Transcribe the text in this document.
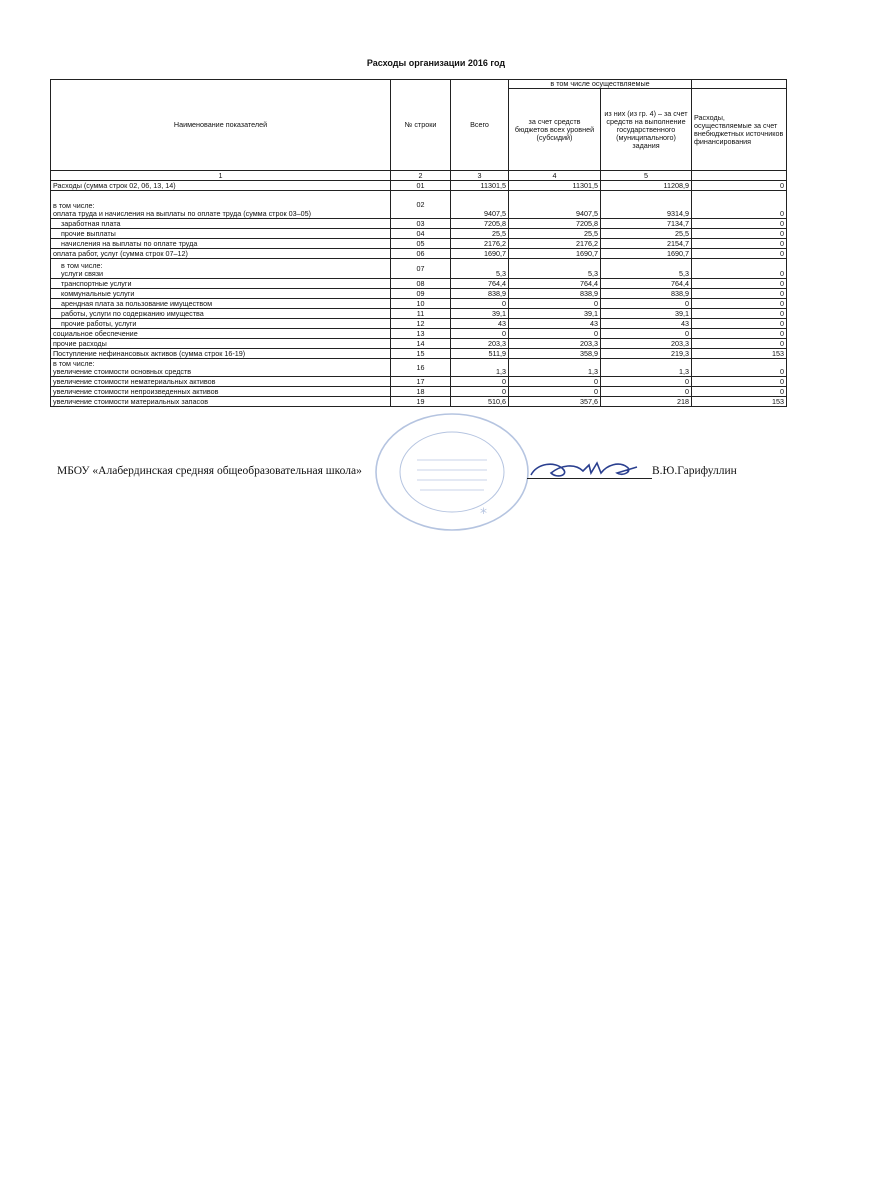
Расходы организации 2016 год
Наименование показателей	№ строки	Всего	в том числе осуществляемые		
			за счет средств бюджетов всех уровней (субсидий)	из них (из гр. 4) – за счет средств на выполнение государственного (муниципального) задания	Расходы, осуществляемые за счет внебюджетных источников финансирования
1	2	3	4	5	
Расходы (сумма строк 02, 06, 13, 14)	01	11301,5	11301,5	11208,9	0

в том числе:
оплата труда и начисления на выплаты по оплате труда (сумма строк 03–05)	02	9407,5	9407,5	9314,9	0
заработная плата	03	7205,8	7205,8	7134,7	0
прочие выплаты	04	25,5	25,5	25,5	0
начисления на выплаты по оплате труда	05	2176,2	2176,2	2154,7	0
оплата работ, услуг (сумма строк 07–12)	06	1690,7	1690,7	1690,7	0

в том числе:
услуги связи	07	5,3	5,3	5,3	0
транспортные услуги	08	764,4	764,4	764,4	0
коммунальные услуги	09	838,9	838,9	838,9	0
арендная плата за пользование имуществом	10	0	0	0	0
работы, услуги по содержанию имущества	11	39,1	39,1	39,1	0
прочие работы, услуги	12	43	43	43	0
социальное обеспечение	13	0	0	0	0
прочие расходы	14	203,3	203,3	203,3	0
Поступление нефинансовых активов (сумма строк 16-19)	15	511,9	358,9	219,3	153

в том числе:
увеличение стоимости основных средств	16	1,3	1,3	1,3	0
увеличение стоимости нематериальных активов	17	0	0	0	0
увеличение стоимости непроизведенных активов	18	0	0	0	0
увеличение стоимости материальных запасов	19	510,6	357,6	218	153
*
МБОУ «Алабердинская средняя общеобразовательная школа»	В.Ю.Гарифуллин
